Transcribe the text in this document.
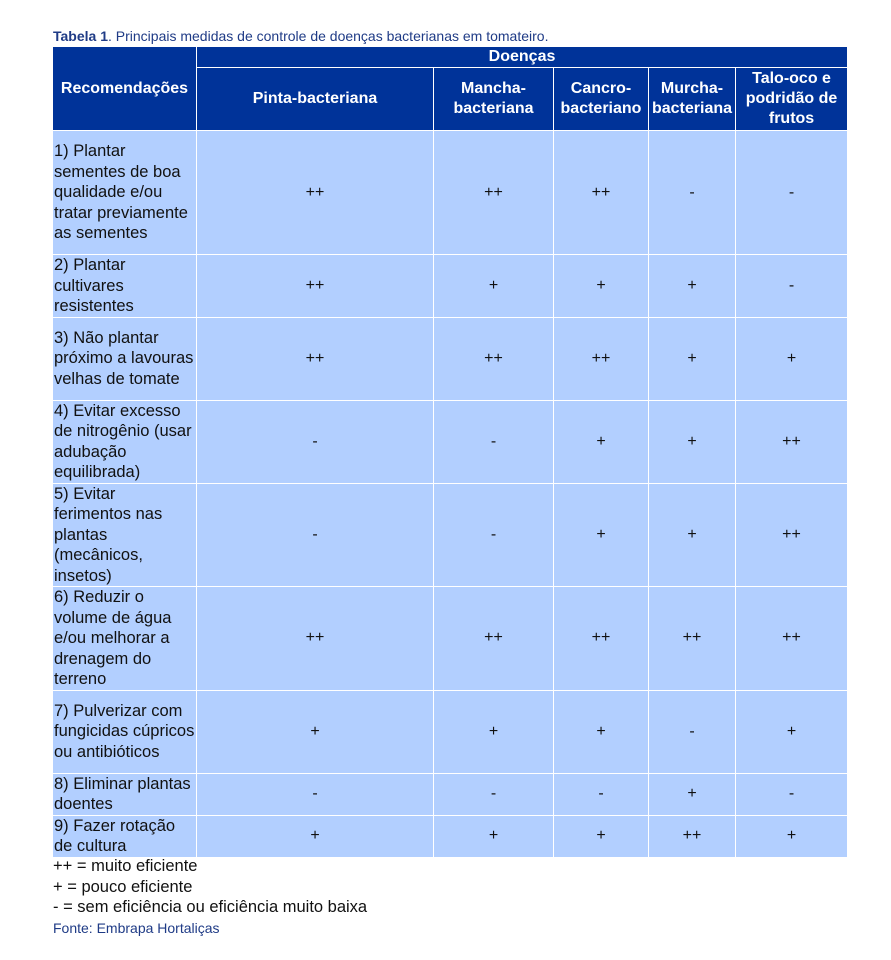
Tabela 1. Principais medidas de controle de doenças bacterianas em tomateiro.
Recomendações	Doenças				
	Pinta-bacteriana	Mancha-bacteriana	Cancro-bacteriano	Murcha-bacteriana	Talo-oco e podridão de frutos
1) Plantar sementes de boa qualidade e/ou tratar previamente as sementes	++	++	++	-	-
2) Plantar cultivares resistentes	++	+	+	+	-
3) Não plantar próximo a lavouras velhas de tomate	++	++	++	+	+
4) Evitar excesso de nitrogênio (usar adubação equilibrada)	-	-	+	+	++
5) Evitar ferimentos nas plantas (mecânicos, insetos)	-	-	+	+	++
6) Reduzir o volume de água e/ou melhorar a drenagem do terreno	++	++	++	++	++
7) Pulverizar com fungicidas cúpricos ou antibióticos	+	+	+	-	+
8) Eliminar plantas doentes	-	-	-	+	-
9) Fazer rotação de cultura	+	+	+	++	+
++ = muito eficiente
+ = pouco eficiente
- = sem eficiência ou eficiência muito baixa
Fonte: Embrapa Hortaliças
